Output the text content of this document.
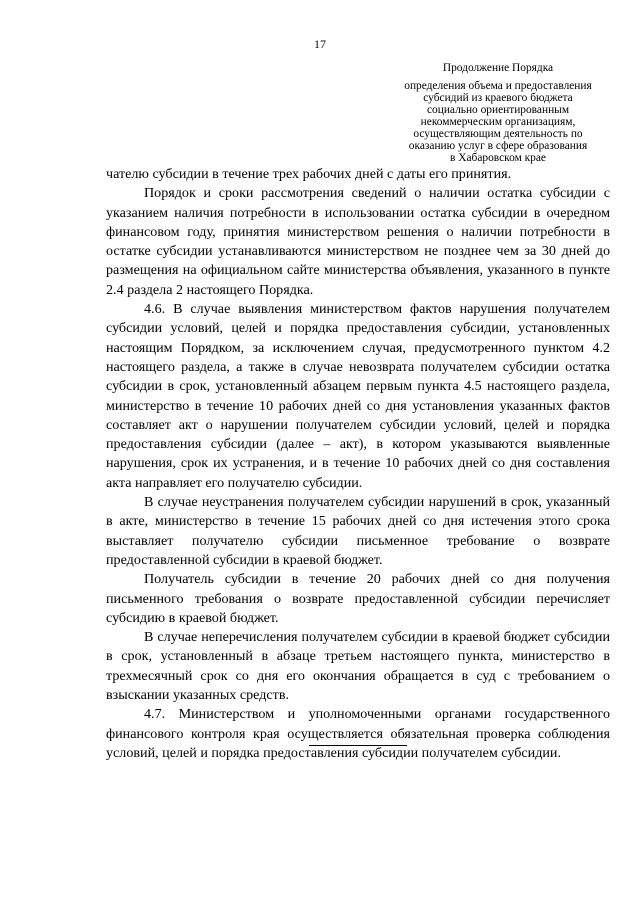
17
Продолжение Порядка
определения объема и предоставления
субсидий из краевого бюджета
социально ориентированным
некоммерческим организациям,
осуществляющим деятельность по
оказанию услуг в сфере образования
в Хабаровском крае

чателю субсидии в течение трех рабочих дней с даты его принятия.

Порядок и сроки рассмотрения сведений о наличии остатка субсидии с указанием наличия потребности в использовании остатка субсидии в очередном финансовом году, принятия министерством решения о наличии потребности в остатке субсидии устанавливаются министерством не позднее чем за 30 дней до размещения на официальном сайте министерства объявления, указанного в пункте 2.4 раздела 2 настоящего Порядка.

4.6. В случае выявления министерством фактов нарушения получателем субсидии условий, целей и порядка предоставления субсидии, установленных настоящим Порядком, за исключением случая, предусмотренного пунктом 4.2 настоящего раздела, а также в случае невозврата получателем субсидии остатка субсидии в срок, установленный абзацем первым пункта 4.5 настоящего раздела, министерство в течение 10 рабочих дней со дня установления указанных фактов составляет акт о нарушении получателем субсидии условий, целей и порядка предоставления субсидии (далее – акт), в котором указываются выявленные нарушения, срок их устранения, и в течение 10 рабочих дней со дня составления акта направляет его получателю субсидии.

В случае неустранения получателем субсидии нарушений в срок, указанный в акте, министерство в течение 15 рабочих дней со дня истечения этого срока выставляет получателю субсидии письменное требование о возврате предоставленной субсидии в краевой бюджет.

Получатель субсидии в течение 20 рабочих дней со дня получения письменного требования о возврате предоставленной субсидии перечисляет субсидию в краевой бюджет.

В случае неперечисления получателем субсидии в краевой бюджет субсидии в срок, установленный в абзаце третьем настоящего пункта, министерство в трехмесячный срок со дня его окончания обращается в суд с требованием о взыскании указанных средств.

4.7. Министерством и уполномоченными органами государственного финансового контроля края осуществляется обязательная проверка соблюдения условий, целей и порядка предоставления субсидии получателем субсидии.
